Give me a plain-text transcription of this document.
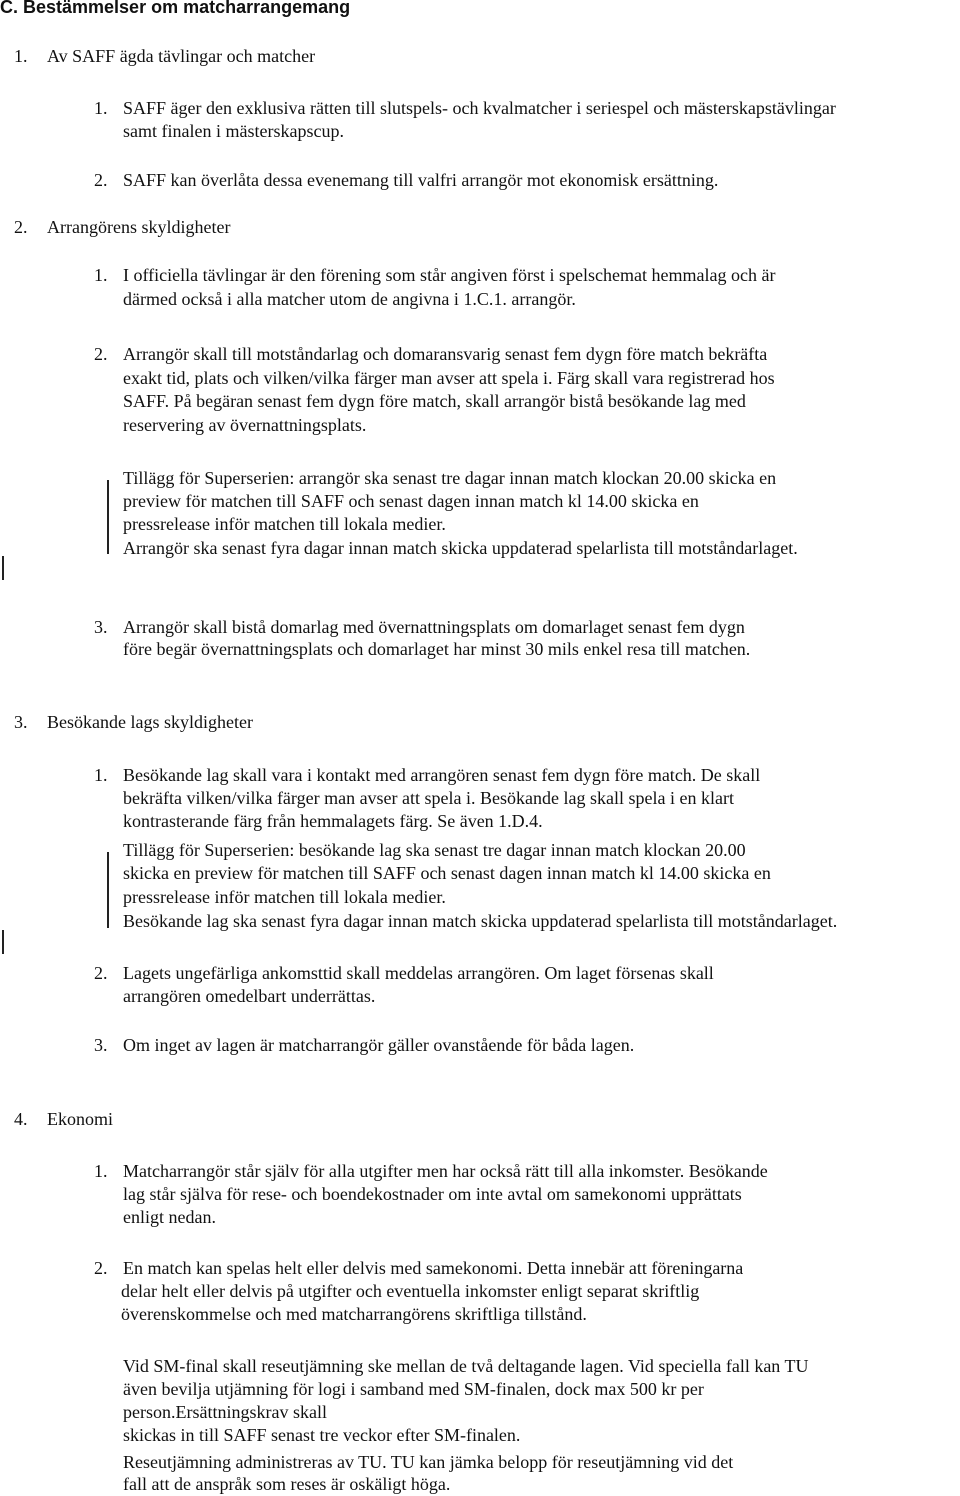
C. Bestämmelser om matcharrangemang
1. Av SAFF ägda tävlingar och matcher
1. SAFF äger den exklusiva rätten till slutspels- och kvalmatcher i seriespel och mästerskapstävlingar
samt finalen i mästerskapscup.
2. SAFF kan överlåta dessa evenemang till valfri arrangör mot ekonomisk ersättning.
2. Arrangörens skyldigheter
1. I officiella tävlingar är den förening som står angiven först i spelschemat hemmalag och är
därmed också i alla matcher utom de angivna i 1.C.1. arrangör.
2. Arrangör skall till motståndarlag och domaransvarig senast fem dygn före match bekräfta
exakt tid, plats och vilken/vilka färger man avser att spela i. Färg skall vara registrerad hos
SAFF. På begäran senast fem dygn före match, skall arrangör bistå besökande lag med
reservering av övernattningsplats.
Tillägg för Superserien: arrangör ska senast tre dagar innan match klockan 20.00 skicka en
preview för matchen till SAFF och senast dagen innan match kl 14.00 skicka en
pressrelease inför matchen till lokala medier.
Arrangör ska senast fyra dagar innan match skicka uppdaterad spelarlista till motståndarlaget.
3. Arrangör skall bistå domarlag med övernattningsplats om domarlaget senast fem dygn
före begär övernattningsplats och domarlaget har minst 30 mils enkel resa till matchen.
3. Besökande lags skyldigheter
1. Besökande lag skall vara i kontakt med arrangören senast fem dygn före match. De skall
bekräfta vilken/vilka färger man avser att spela i. Besökande lag skall spela i en klart
kontrasterande färg från hemmalagets färg. Se även 1.D.4.
Tillägg för Superserien: besökande lag ska senast tre dagar innan match klockan 20.00
skicka en preview för matchen till SAFF och senast dagen innan match kl 14.00 skicka en
pressrelease inför matchen till lokala medier.
Besökande lag ska senast fyra dagar innan match skicka uppdaterad spelarlista till motståndarlaget.
2. Lagets ungefärliga ankomsttid skall meddelas arrangören. Om laget försenas skall
arrangören omedelbart underrättas.
3. Om inget av lagen är matcharrangör gäller ovanstående för båda lagen.
4. Ekonomi
1. Matcharrangör står själv för alla utgifter men har också rätt till alla inkomster. Besökande
lag står själva för rese- och boendekostnader om inte avtal om samekonomi upprättats
enligt nedan.
2. En match kan spelas helt eller delvis med samekonomi. Detta innebär att föreningarna
delar helt eller delvis på utgifter och eventuella inkomster enligt separat skriftlig
överenskommelse och med matcharrangörens skriftliga tillstånd.
Vid SM-final skall reseutjämning ske mellan de två deltagande lagen. Vid speciella fall kan TU
även bevilja utjämning för logi i samband med SM-finalen, dock max 500 kr per
person.Ersättningskrav skall
skickas in till SAFF senast tre veckor efter SM-finalen.
Reseutjämning administreras av TU. TU kan jämka belopp för reseutjämning vid det
fall att de anspråk som reses är oskäligt höga.
